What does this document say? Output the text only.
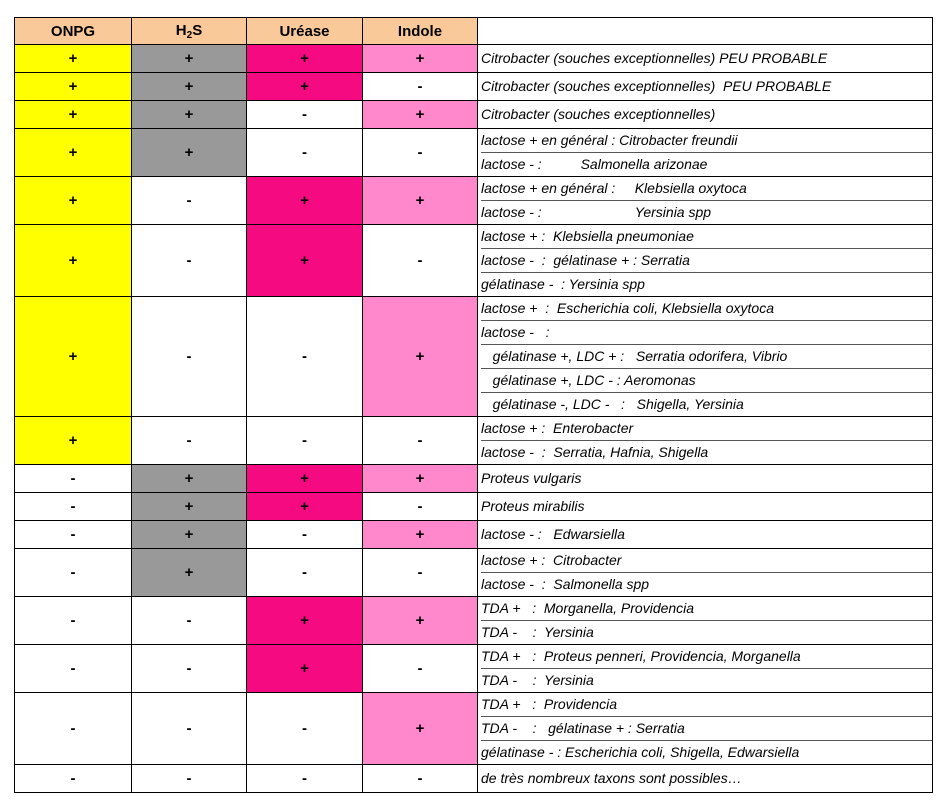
ONPG	$H_2S$	Uréase	Indole	
+	+	+	+	Citrobacter (souches exceptionnelles) PEU PROBABLE

+	+	+	-	Citrobacter (souches exceptionnelles)  PEU PROBABLE

+	+	-	+	Citrobacter (souches exceptionnelles)

+	+	-	-	lactose + en général : Citrobacter freundii
lactose - :          Salmonella arizonae

+	-	+	+	lactose + en général :     Klebsiella oxytoca
lactose - :                        Yersinia spp

+	-	+	-	lactose + :  Klebsiella pneumoniae
lactose -  :  gélatinase + : Serratia
gélatinase -  : Yersinia spp

+	-	-	+	lactose +  :  Escherichia coli, Klebsiella oxytoca
lactose -   :
gélatinase +, LDC + :   Serratia odorifera, Vibrio
gélatinase +, LDC - : Aeromonas
gélatinase -, LDC -   :   Shigella, Yersinia

+	-	-	-	lactose + :  Enterobacter
lactose -  :  Serratia, Hafnia, Shigella

-	+	+	+	Proteus vulgaris

-	+	+	-	Proteus mirabilis

-	+	-	+	lactose - :   Edwarsiella

-	+	-	-	lactose + :  Citrobacter
lactose -  :  Salmonella spp

-	-	+	+	TDA +   :  Morganella, Providencia
TDA -    :  Yersinia

-	-	+	-	TDA +   :  Proteus penneri, Providencia, Morganella
TDA -    :  Yersinia

-	-	-	+	TDA +   :  Providencia
TDA -    :   gélatinase + : Serratia
gélatinase - : Escherichia coli, Shigella, Edwarsiella

-	-	-	-	de très nombreux taxons sont possibles…
